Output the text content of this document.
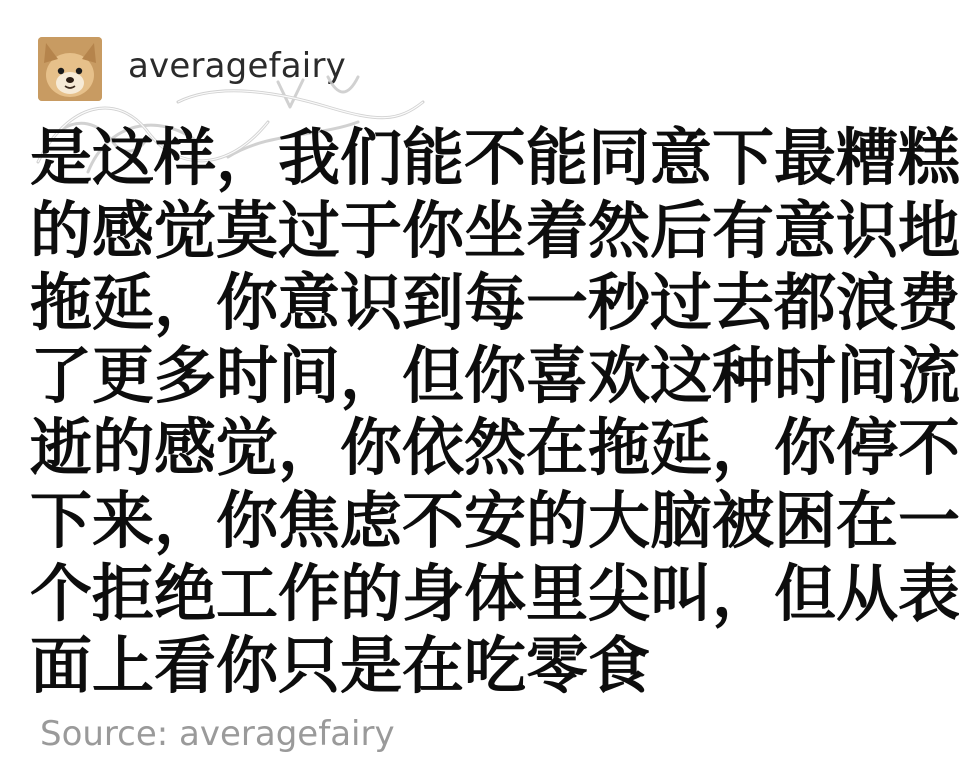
averagefairy
是这样，我们能不能同意下最糟糕
的感觉莫过于你坐着然后有意识地
拖延，你意识到每一秒过去都浪费
了更多时间，但你喜欢这种时间流
逝的感觉，你依然在拖延，你停不
下来，你焦虑不安的大脑被困在一
个拒绝工作的身体里尖叫，但从表
面上看你只是在吃零食
Source: averagefairy
